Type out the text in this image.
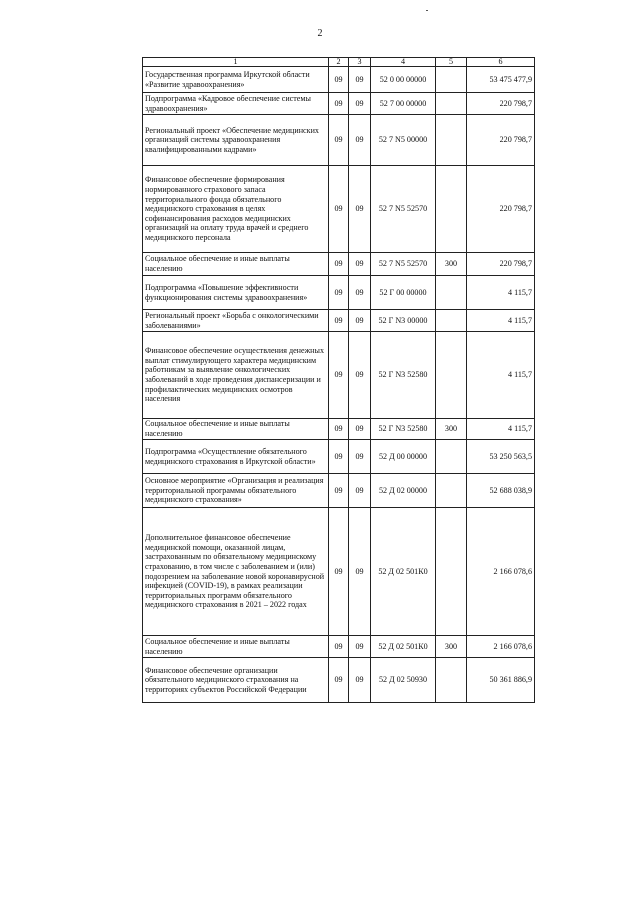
2
1	2	3	4	5	6
Государственная программа Иркутской области «Развитие здравоохранения»	09	09	52 0 00 00000		53 475 477,9
Подпрограмма «Кадровое обеспечение системы здравоохранения»	09	09	52 7 00 00000		220 798,7
Региональный проект «Обеспечение медицинских организаций системы здравоохранения квалифицированными кадрами»	09	09	52 7 N5 00000		220 798,7
Финансовое обеспечение формирования нормированного страхового запаса территориального фонда обязательного медицинского страхования в целях софинансирования расходов медицинских организаций на оплату труда врачей и среднего медицинского персонала	09	09	52 7 N5 52570		220 798,7
Социальное обеспечение и иные выплаты населению	09	09	52 7 N5 52570	300	220 798,7
Подпрограмма «Повышение эффективности функционирования системы здравоохранения»	09	09	52 Г 00 00000		4 115,7
Региональный проект «Борьба с онкологическими заболеваниями»	09	09	52 Г N3 00000		4 115,7
Финансовое обеспечение осуществления денежных выплат стимулирующего характера медицинским работникам за выявление онкологических заболеваний в ходе проведения диспансеризации и профилактических медицинских осмотров населения	09	09	52 Г N3 52580		4 115,7
Социальное обеспечение и иные выплаты населению	09	09	52 Г N3 52580	300	4 115,7
Подпрограмма «Осуществление обязательного медицинского страхования в Иркутской области»	09	09	52 Д 00 00000		53 250 563,5
Основное мероприятие «Организация и реализация территориальной программы обязательного медицинского страхования»	09	09	52 Д 02 00000		52 688 038,9
Дополнительное финансовое обеспечение медицинской помощи, оказанной лицам, застрахованным по обязательному медицинскому страхованию, в том числе с заболеванием и (или) подозрением на заболевание новой коронавирусной инфекцией (COVID-19), в рамках реализации территориальных программ обязательного медицинского страхования в 2021 – 2022 годах	09	09	52 Д 02 501К0		2 166 078,6
Социальное обеспечение и иные выплаты населению	09	09	52 Д 02 501К0	300	2 166 078,6
Финансовое обеспечение организации обязательного медицинского страхования на территориях субъектов Российской Федерации	09	09	52 Д 02 50930		50 361 886,9
